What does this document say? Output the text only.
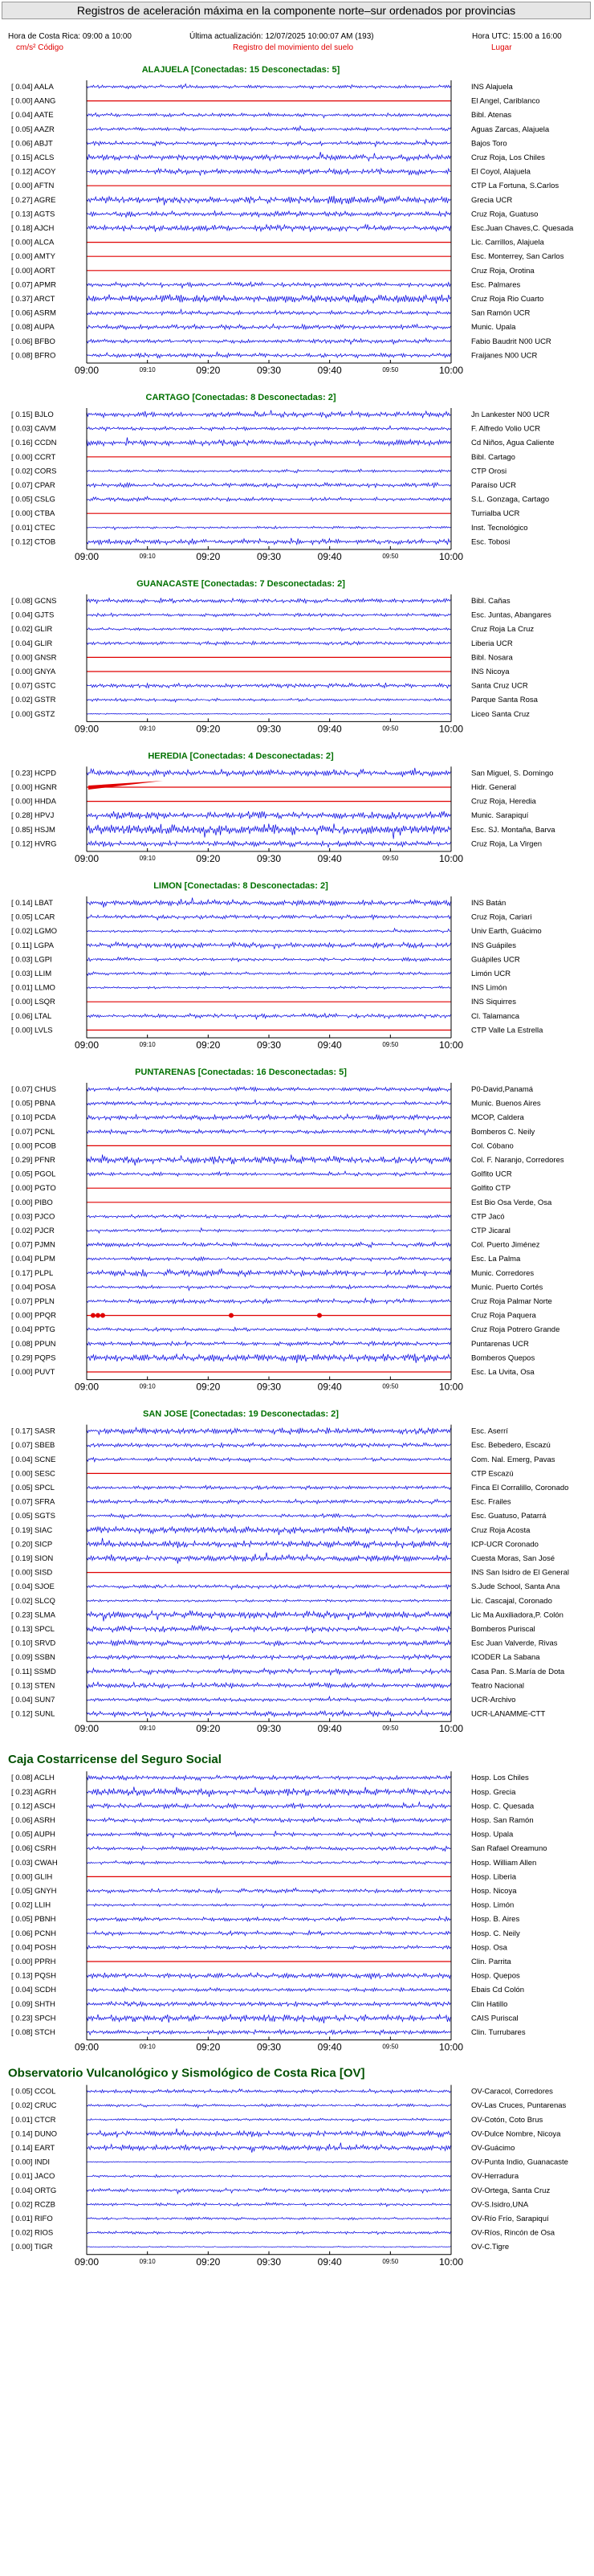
Registros de aceleración máxima en la componente norte–sur ordenados por provincias
Hora de Costa Rica: 09:00 a 10:00
cm/s² Código
Última actualización: 12/07/2025 10:00:07 AM (193)
Registro del movimiento del suelo
Hora UTC: 15:00 a 16:00
Lugar
ALAJUELA [Conectadas: 15 Desconectadas: 5]
[ 0.04] AALA	INS Alajuela
[ 0.00] AANG	El Angel, Cariblanco
[ 0.04] AATE	Bibl. Atenas
[ 0.05] AAZR	Aguas Zarcas, Alajuela
[ 0.06] ABJT	Bajos Toro
[ 0.15] ACLS	Cruz Roja, Los Chiles
[ 0.12] ACOY	El Coyol, Alajuela
[ 0.00] AFTN	CTP La Fortuna, S.Carlos
[ 0.27] AGRE	Grecia UCR
[ 0.13] AGTS	Cruz Roja, Guatuso
[ 0.18] AJCH	Esc.Juan Chaves,C. Quesada
[ 0.00] ALCA	Lic. Carrillos, Alajuela
[ 0.00] AMTY	Esc. Monterrey, San Carlos
[ 0.00] AORT	Cruz Roja, Orotina
[ 0.07] APMR	Esc. Palmares
[ 0.37] ARCT	Cruz Roja Rio Cuarto
[ 0.06] ASRM	San Ramón UCR
[ 0.08] AUPA	Munic. Upala
[ 0.06] BFBO	Fabio Baudrit N00 UCR
[ 0.08] BFRO	Fraijanes N00 UCR
09:00	09:10	09:20	09:30	09:40	09:50	10:00
CARTAGO [Conectadas: 8 Desconectadas: 2]
[ 0.15] BJLO	Jn Lankester N00 UCR
[ 0.03] CAVM	F. Alfredo Volio UCR
[ 0.16] CCDN	Cd Niños, Agua Caliente
[ 0.00] CCRT	Bibl. Cartago
[ 0.02] CORS	CTP Orosi
[ 0.07] CPAR	Paraíso UCR
[ 0.05] CSLG	S.L. Gonzaga, Cartago
[ 0.00] CTBA	Turrialba UCR
[ 0.01] CTEC	Inst. Tecnológico
[ 0.12] CTOB	Esc. Tobosi
09:00	09:10	09:20	09:30	09:40	09:50	10:00
GUANACASTE [Conectadas: 7 Desconectadas: 2]
[ 0.08] GCNS	Bibl. Cañas
[ 0.04] GJTS	Esc. Juntas, Abangares
[ 0.02] GLIR	Cruz Roja La Cruz
[ 0.04] GLIR	Liberia UCR
[ 0.00] GNSR	Bibl. Nosara
[ 0.00] GNYA	INS Nicoya
[ 0.07] GSTC	Santa Cruz UCR
[ 0.02] GSTR	Parque Santa Rosa
[ 0.00] GSTZ	Liceo Santa Cruz
09:00	09:10	09:20	09:30	09:40	09:50	10:00
HEREDIA [Conectadas: 4 Desconectadas: 2]
[ 0.23] HCPD	San Miguel, S. Domingo
[ 0.00] HGNR	Hidr. General
[ 0.00] HHDA	Cruz Roja, Heredia
[ 0.28] HPVJ	Munic. Sarapiquí
[ 0.85] HSJM	Esc. SJ. Montaña, Barva
[ 0.12] HVRG	Cruz Roja, La Virgen
09:00	09:10	09:20	09:30	09:40	09:50	10:00
LIMON [Conectadas: 8 Desconectadas: 2]
[ 0.14] LBAT	INS Batán
[ 0.05] LCAR	Cruz Roja, Cariari
[ 0.02] LGMO	Univ Earth, Guácimo
[ 0.11] LGPA	INS Guápiles
[ 0.03] LGPI	Guápiles UCR
[ 0.03] LLIM	Limón UCR
[ 0.01] LLMO	INS Limón
[ 0.00] LSQR	INS Siquirres
[ 0.06] LTAL	Cl. Talamanca
[ 0.00] LVLS	CTP Valle La Estrella
09:00	09:10	09:20	09:30	09:40	09:50	10:00
PUNTARENAS [Conectadas: 16 Desconectadas: 5]
[ 0.07] CHUS	P0-David,Panamá
[ 0.05] PBNA	Munic. Buenos Aires
[ 0.10] PCDA	MCOP, Caldera
[ 0.07] PCNL	Bomberos C. Neily
[ 0.00] PCOB	Col. Cóbano
[ 0.29] PFNR	Col. F. Naranjo, Corredores
[ 0.05] PGOL	Golfito UCR
[ 0.00] PGTO	Golfito CTP
[ 0.00] PIBO	Est Bio Osa Verde, Osa
[ 0.03] PJCO	CTP Jacó
[ 0.02] PJCR	CTP Jicaral
[ 0.07] PJMN	Col. Puerto Jiménez
[ 0.04] PLPM	Esc. La Palma
[ 0.17] PLPL	Munic. Corredores
[ 0.04] POSA	Munic. Puerto Cortés
[ 0.07] PPLN	Cruz Roja Palmar Norte
[ 0.00] PPQR	Cruz Roja Paquera
[ 0.04] PPTG	Cruz Roja Potrero Grande
[ 0.08] PPUN	Puntarenas UCR
[ 0.29] PQPS	Bomberos Quepos
[ 0.00] PUVT	Esc. La Uvita, Osa
09:00	09:10	09:20	09:30	09:40	09:50	10:00
SAN JOSE [Conectadas: 19 Desconectadas: 2]
[ 0.17] SASR	Esc. Aserrí
[ 0.07] SBEB	Esc. Bebedero, Escazú
[ 0.04] SCNE	Com. Nal. Emerg, Pavas
[ 0.00] SESC	CTP Escazú
[ 0.05] SPCL	Finca El Corralillo, Coronado
[ 0.07] SFRA	Esc. Frailes
[ 0.05] SGTS	Esc. Guatuso, Patarrá
[ 0.19] SIAC	Cruz Roja Acosta
[ 0.20] SICP	ICP-UCR Coronado
[ 0.19] SION	Cuesta Moras, San José
[ 0.00] SISD	INS San Isidro de El General
[ 0.04] SJOE	S.Jude School, Santa Ana
[ 0.02] SLCQ	Lic. Cascajal, Coronado
[ 0.23] SLMA	Lic Ma Auxiliadora,P. Colón
[ 0.13] SPCL	Bomberos Puriscal
[ 0.10] SRVD	Esc Juan Valverde, Rivas
[ 0.09] SSBN	ICODER La Sabana
[ 0.11] SSMD	Casa Pan. S.María de Dota
[ 0.13] STEN	Teatro Nacional
[ 0.04] SUN7	UCR-Archivo
[ 0.12] SUNL	UCR-LANAMME-CTT
09:00	09:10	09:20	09:30	09:40	09:50	10:00
Caja Costarricense del Seguro Social
[ 0.08] ACLH	Hosp. Los Chiles
[ 0.23] AGRH	Hosp. Grecia
[ 0.12] ASCH	Hosp. C. Quesada
[ 0.06] ASRH	Hosp. San Ramón
[ 0.05] AUPH	Hosp. Upala
[ 0.06] CSRH	San Rafael Oreamuno
[ 0.03] CWAH	Hosp. William Allen
[ 0.00] GLIH	Hosp. Liberia
[ 0.05] GNYH	Hosp. Nicoya
[ 0.02] LLIH	Hosp. Limón
[ 0.05] PBNH	Hosp. B. Aires
[ 0.06] PCNH	Hosp. C. Neily
[ 0.04] POSH	Hosp. Osa
[ 0.00] PPRH	Clin. Parrita
[ 0.13] PQSH	Hosp. Quepos
[ 0.04] SCDH	Ebais Cd Colón
[ 0.09] SHTH	Clin Hatillo
[ 0.23] SPCH	CAIS Puriscal
[ 0.08] STCH	Clin. Turrubares
09:00	09:10	09:20	09:30	09:40	09:50	10:00
Observatorio Vulcanológico y Sismológico de Costa Rica [OV]
[ 0.05] CCOL	OV-Caracol, Corredores
[ 0.02] CRUC	OV-Las Cruces, Puntarenas
[ 0.01] CTCR	OV-Cotón, Coto Brus
[ 0.14] DUNO	OV-Dulce Nombre, Nicoya
[ 0.14] EART	OV-Guácimo
[ 0.00] INDI	OV-Punta Indio, Guanacaste
[ 0.01] JACO	OV-Herradura
[ 0.04] ORTG	OV-Ortega, Santa Cruz
[ 0.02] RCZB	OV-S.Isidro,UNA
[ 0.01] RIFO	OV-Río Frío, Sarapiquí
[ 0.02] RIOS	OV-Ríos, Rincón de Osa
[ 0.00] TIGR	OV-C.Tigre
09:00	09:10	09:20	09:30	09:40	09:50	10:00
